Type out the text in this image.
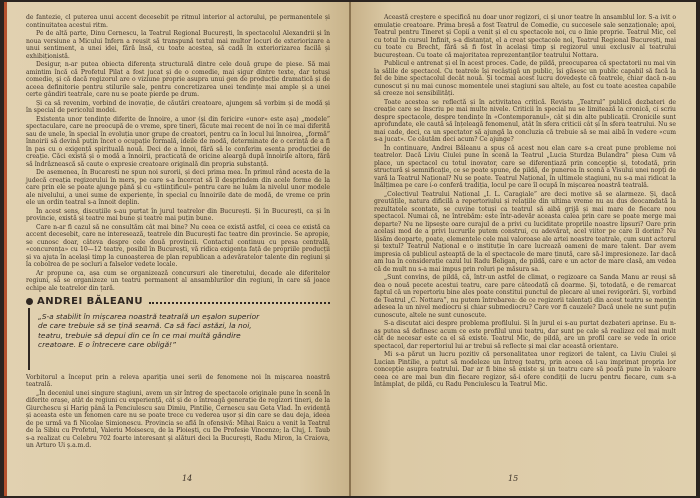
de fantezie, cl puterea unui accent decesebit pe ritmul interior al actorului, pe permanentele și continuitatea acestui ritm.

Pe de altă parte, Dinu Cernescu, la Teatrul Regional București, în spectacolul Alexandrii și în noua versiune a Micului Infern a reușit să transpună textul mai multor locuri de exteriorizare a unui sentiment, a unei idei, fără însă, cu toate acestea, să cadă în exteriorizarea facilă și exhibiționistă.

Desigur, n-ar putea obiecta diferența structurală dintre cele două grupe de piese. Să mai amintim încă că Profetul Pilat a fost jucat și de o comedie, mai sigur dintre texte, dar totuși comedie, și că dacă regizorul are o viziune proprie asupra unui gen de producție dramatică și de aceea definitorie pentru stilurile sale, pentru concretizarea unei tendințe mai ample și a unei certe gândiri teatrale, care nu se poate pierde pe drum.

Și ca să revenim, vorbind de inovație, de căutări creatoare, ajungem să vorbim și de modă și în special de pericolul modei.

Existența unor tendințe diferite de înnoire, a unor (și din fericire «unor» este așa) „modele” spectaculare, care ne preocupă de o vreme, spre tineri, făcute mai recent de noi în ce mai diferită sau de unele, în special în evoluția unor grupe de creatori, pentru ca în locul lui înnoirea, „formă” înnoirii să devină puțin încet o ocupație formală, ideile de modă, determinate de o cerință de a fi în pas cu o exigență spirituală nouă. Deci de a înnoi, fără să le conferim esența producției de creație. Căci există și o modă a înnoirii, practicată de oricine aleargă după înnoirile altora, fără să îndrăznească să caute o expresie creatoare originală din propria substanță.

De asemenea, în Bucaresti ne spun noi surorii, și deci prima mea. În primul rând acesta de la judecă creația regizorului în mers, pe care s-a încercat să îl desprindem din acele forme de la care prin ele se poate ajunge până și cu «științificul» pentru care ne luăm la nivelul unor modele ale nivelului, a unei sume de experiențe, în special cu înnoirile date de modă, de vreme ce prin ele un ordin teatral s-a înnoit deplin.

În acest sens, discuțiile s-au purtat în jurul teatrelor din București. Și în București, ca și în provincie, există și teatre mai bune și teatre mai puțin bune.

Care n-ar fi cazul să ne consultăm cât mai bine? Nu ceea ce există astfel, ci ceea ce există ca accent decesebit, care ne interesează, teatrele din București fac teatre din provincie. Se apropie, se cunosc doar, câteva despre cele două provincii. Contactul continuu cu presa centrală, «concurența» cu 10—12 teatre, posibil în București, vă ridica exigența față de propriile producții și va ajuta în același timp la cunoașterea de plan republican a adevăratelor talente din regiuni și la cobolrea de pe socluri a falselor vedete locale.

Ar propune ca, așa cum se organizează concursuri ale tineretului, decade ale diferitelor regiuni, să se organizeze un teatru permanent al ansamblurilor din regiuni, în care să joace echipe ale teatrelor din țară.

ANDREI BĂLEANU
„S-a stabilit în mișcarea noastră teatrală un eșalon superior de care trebuie să se țină seamă. Ca să faci astăzi, la noi, teatru, trebuie să depui din ce în ce mai multă gândire creatoare. E o întrecere care obligă!”

Vorbitorul a început prin a releva apariția unei serii de fenomene noi în mișcarea noastră teatrală.

„În deceniul unei singure stagiuni, avem un șir întreg de spectacole originale pune în scenă în diferite orașe, atât de regiuni cu experiență, cât și de o întreagă generație de regizori tineri, de la Giurchescu și Harig până la Penciulescu sau Dimiu, Pintilie, Cernescu sau Geta Vlad. În evidență și aceasta este un fenomen care nu se poate trece cu vederea ușor și din care se dau deja, ideea de pe urmă va fi Nicolae Simionescu. Provincia se află în ofensivă: Mihai Raicu a venit la Teatrul de la Sibiu cu Profetul, Valeriu Moisescu, de la Ploiești, cu De Profesie Vincenzo; la Cluj, I. Taub s-a realizat cu Celebru 702 foarte interesant și alături deci la București, Radu Miron, la Craiova, un Arturo Ui ș.a.m.d.

14

Această creștere e specifică nu doar unor regizori, ci și unor teatre în ansamblul lor. S-a ivit o emulație creatoare. Prima breșă a fost Teatrul de Comedie, cu succesele sale senzaționale; apoi, Teatrul pentru Tineret și Copii a venit și el cu spectacole noi, cu o linie proprie. Teatrul Mic, cel cu totul în cursul Infinit, s-a distanțat, el a creat spectacole noi, Teatrul Regional București, mai cu toate cu Brecht, fără să fi fost în același timp și regizorul unui exclusiv al teatrului bucureștean. Cu toate că majoritatea reprezentanților teatrului Nottara.

Publicul e antrenat și el în acest proces. Cade, de pildă, preocuparea că spectatorii nu mai vin la sălile de spectacol. Cu teatrele își recâștigă un public, își găsesc un public capabil să facă la fel de bine spectacolul decât nouă. Și tocmai acest lucru dovedește că teatrele, chiar dacă n-au cunoscut și nu mai cunosc momentele unei stagiuni sau altele, au fost cu toate acestea capabile să creeze noi sensibilități.

Toate acestea se reflectă și în activitatea critică. Revista „Teatrul” publică dezbateri de creație care se înscriu pe mai multe nivele. Criticii în special nu se limitează la cronică, ci scriu despre spectacole, despre tendințe în «Contemporanul», cât și din alte publicații. Cronicile sunt aprofundate, ele caută să înțeleagă fenomenul, atât în sfera criticii cât și în sfera teatrului. Nu se mai cade, deci, ca un spectator să ajungă la concluzia că trebuie să se mai aibă în vedere «cum s-a jucat». Ce căutăm deci acum? Ce ajunge?

În continuare, Andrei Băleanu a spus că acest nou elan care s-a creat pune probleme noi teatrelor. Dacă Liviu Ciulei pune în scenă la Teatrul „Lucia Sturdza Bulandra” piesa Cum vă place, un spectacol cu totul inovator, care se diferențiază prin concepție și, totodată, prin structură și semnificație, ce se poate spune, de pildă, de punerea în scenă a Visului unei nopți de vară la Teatrul Național? Nu se poate. Teatrul Național, în ultimele stagiuni, nu s-a mai ridicat la înălțimea pe care i-o conferă tradiția, locul pe care îl ocupă în mișcarea noastră teatrală.

„Colectivul Teatrului Național „I. L. Caragiale” are deci motive să se alarmeze. Și, dacă greutățile, natura dificilă a repertoriului și relațiile din ultima vreme nu au dus deocamdată la rezultatele scontate, se cuvine totuși ca teatrul să aibă grijă și mai mare de fiecare nou spectacol. Numai că, ne întrebăm: este într-adevăr aceasta calea prin care se poate merge mai departe? Nu ne lipsește oare curajul de a privi cu luciditate propriile noastre lipsuri? Oare prin același mod de a privi lucrurile putem construi, cu adevărat, acel viitor pe care îl dorim? Nu lăsăm deoparte, poate, elementele cele mai valoroase ale artei noastre teatrale, cum sunt actorul și textul? Teatrul Național e o instituție în care lucrează oameni de mare talent. Dar avem impresia că publicul așteaptă de la el spectacole de mare ținută, care să-l impresioneze. Iar dacă am lua în considerație cazul lui Radu Beligan, de pildă, care e un actor de mare clasă, am vedea că de mult nu s-a mai impus prin roluri pe măsura sa.

„Sunt convins, de pildă, că, într-un astfel de climat, o regizoare ca Sanda Manu ar reuși să dea o nouă pecete acestui teatru, care pare câteodată că doarme. Și, totodată, e de remarcat faptul că un repertoriu bine ales poate constitui punctul de plecare al unei revigorări. Și, vorbind de Teatrul „C. Nottara”, nu putem întrebarea: de ce regizorii talentați din acest teatru se menţin adesea la un nivel mediocru și chiar submediocru? Care vor fi cauzele? Dacă unele ne sunt puțin cunoscute, altele ne sunt cunoscute.

S-a discutat aici despre problema profilului. Și în jurul ei s-au purtat dezbateri aprinse. Eu n-aș putea să definesc acum ce este profilul unui teatru, dar sunt pe cale să realizez cel mai mult cât de necesar este ca el să existe. Teatrul Mic, de pildă, are un profil care se vede în orice spectacol, dar repertoriul lui ar trebui să reflecte și mai clar această orientare.

Mi s-a părut un lucru pozitiv că personalitatea unor regizori de talent, ca Liviu Ciulei și Lucian Pintilie, a putut să modeleze un întreg teatru, prin aceea că i-au imprimat propria lor concepție asupra teatrului. Dar ar fi bine să existe și un teatru care să poată pune în valoare ceea ce are mai bun din fiecare regizor, să-i ofere condiții de lucru pentru fiecare, cum s-a întâmplat, de pildă, cu Radu Penciulescu la Teatrul Mic.

15
